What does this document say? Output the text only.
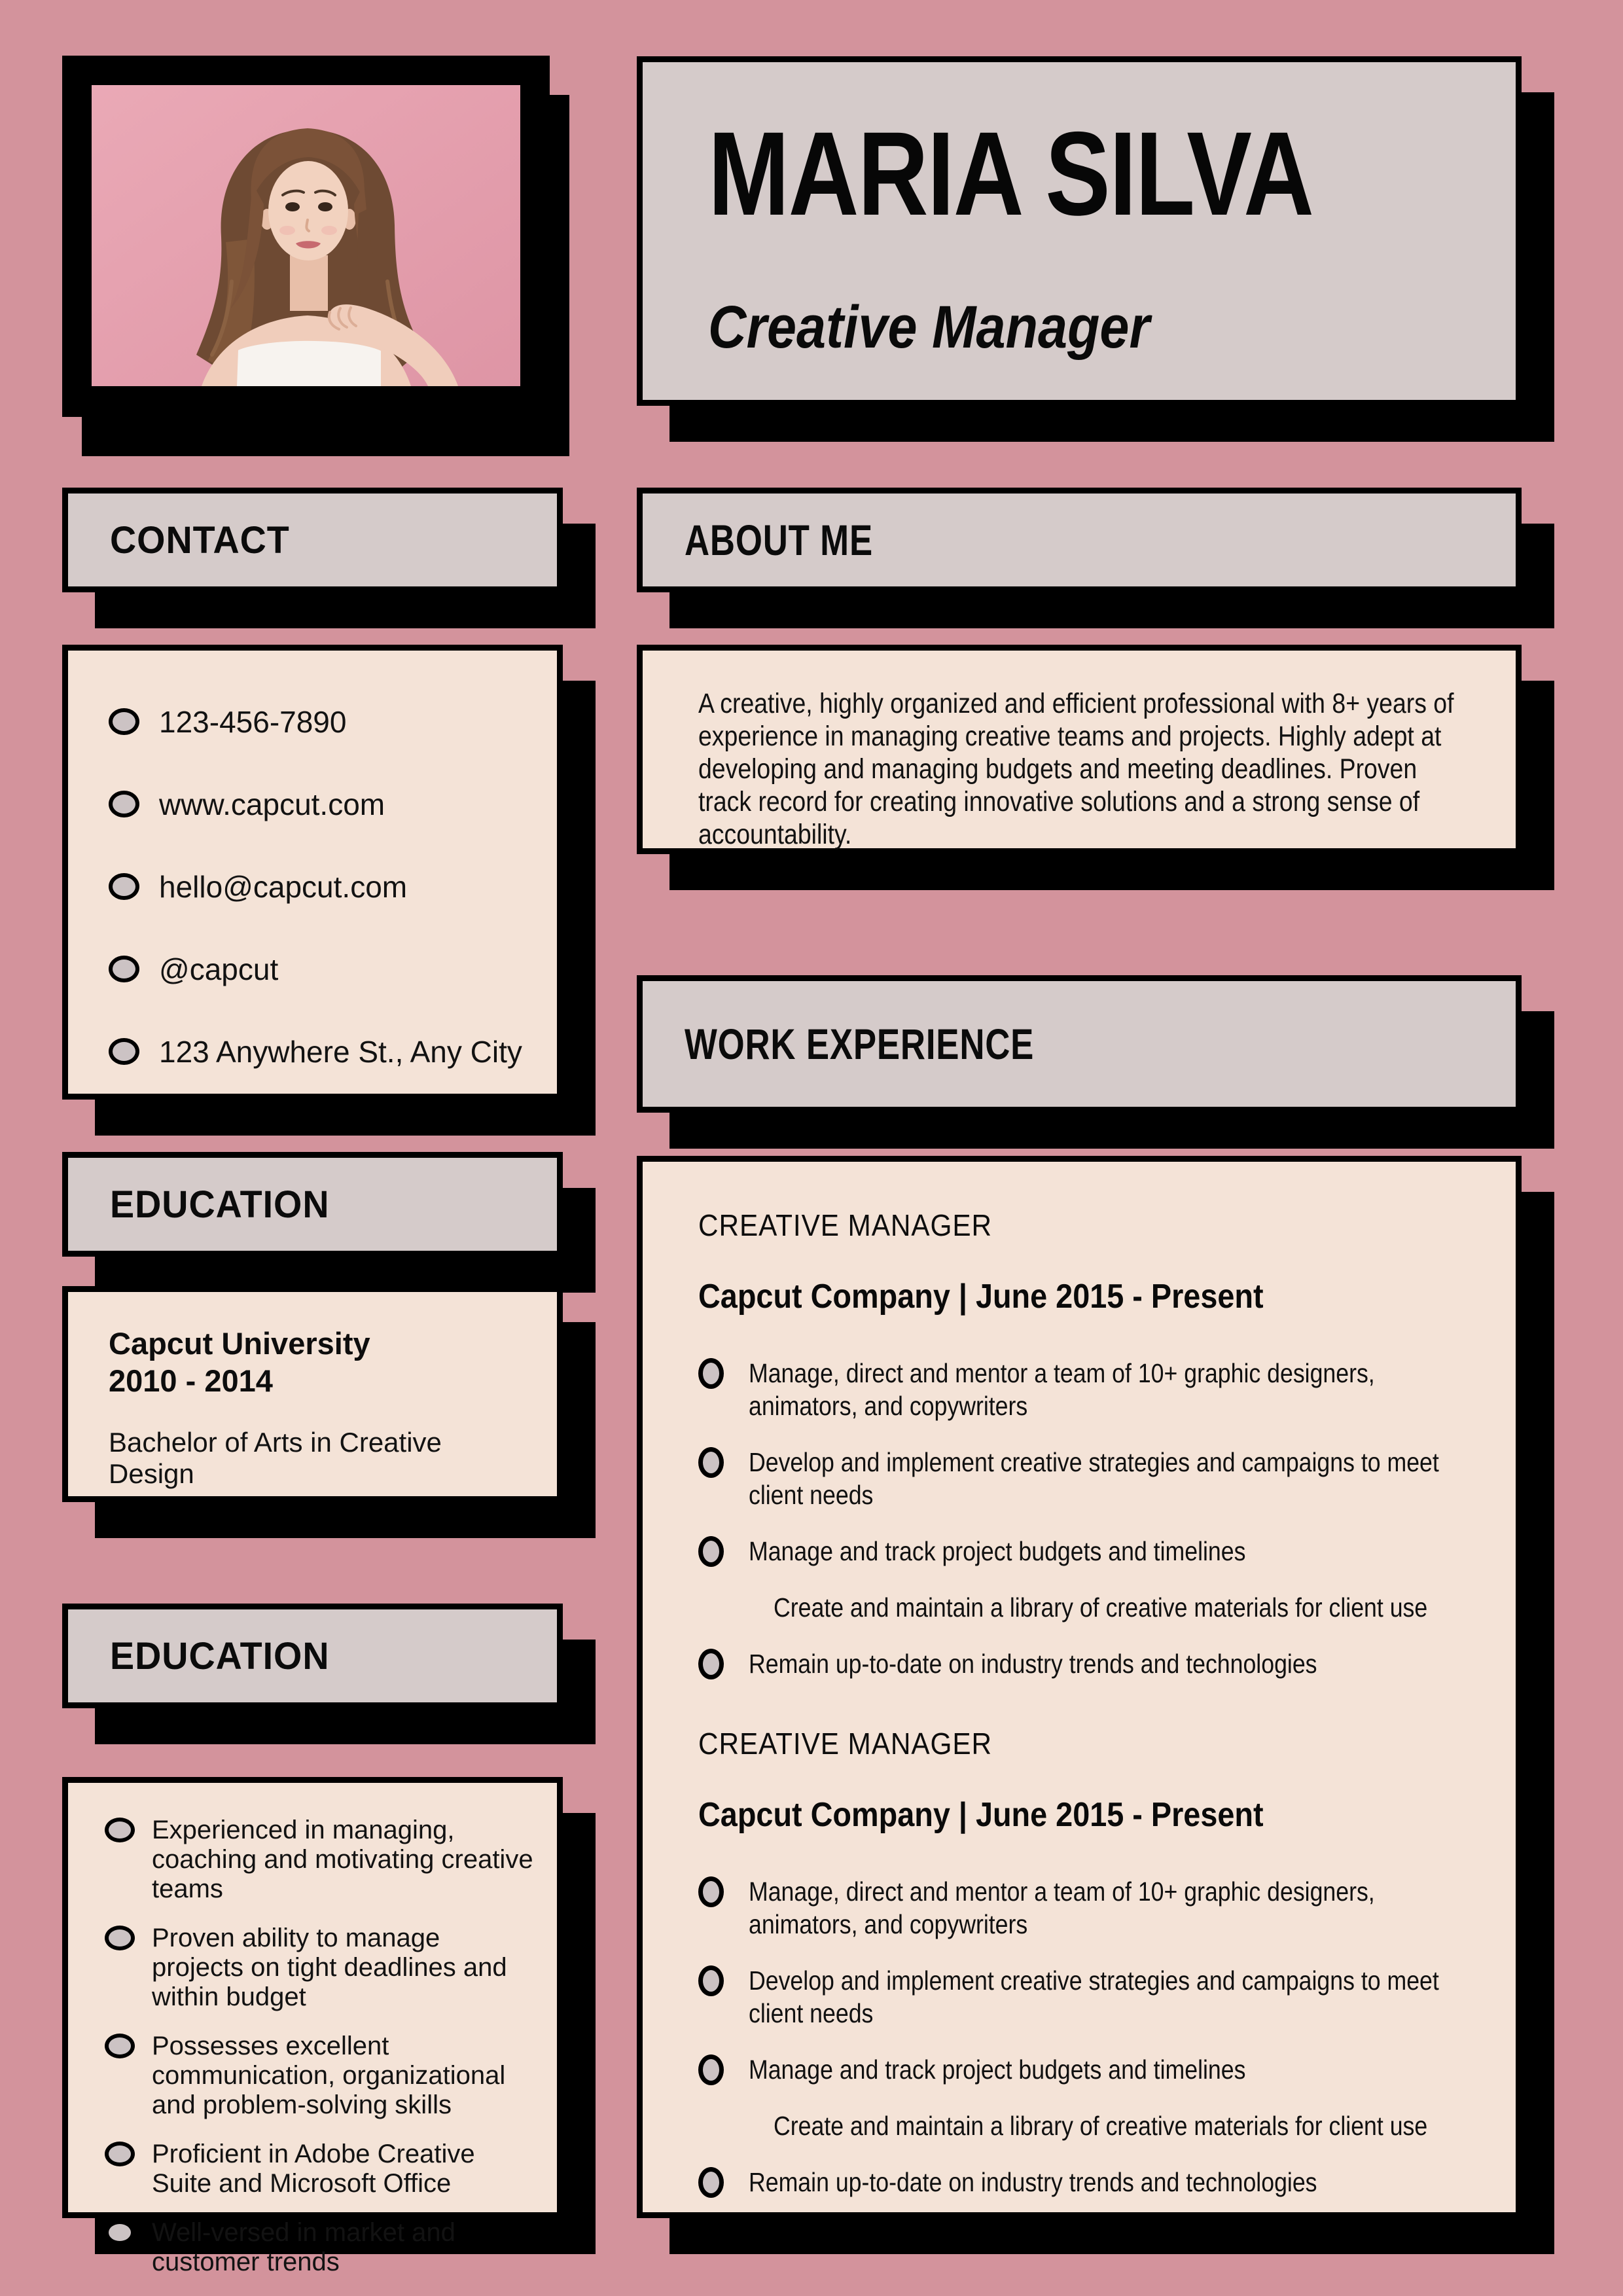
MARIA SILVA Creative Manager
CONTACT
123-456-7890
www.capcut.com
hello@capcut.com
@capcut
123 Anywhere St., Any City
ABOUT ME

A creative, highly organized and efficient professional with 8+ years of experience in managing creative teams and projects. Highly adept at developing and managing budgets and meeting deadlines. Proven track record for creating innovative solutions and a strong sense of accountability.

WORK EXPERIENCE
CREATIVE MANAGER Capcut Company | June 2015 - Present
Manage, direct and mentor a team of 10+ graphic designers, animators, and copywriters
Develop and implement creative strategies and campaigns to meet client needs
Manage and track project budgets and timelines
Create and maintain a library of creative materials for client use
Remain up-to-date on industry trends and technologies
CREATIVE MANAGER Capcut Company | June 2015 - Present
Manage, direct and mentor a team of 10+ graphic designers, animators, and copywriters
Develop and implement creative strategies and campaigns to meet client needs
Manage and track project budgets and timelines
Create and maintain a library of creative materials for client use
Remain up-to-date on industry trends and technologies
EDUCATION
Capcut University
2010 - 2014
Bachelor of Arts in Creative Design
EDUCATION
Experienced in managing, coaching and motivating creative teams
Proven ability to manage projects on tight deadlines and within budget
Possesses excellent communication, organizational and problem-solving skills
Proficient in Adobe Creative Suite and Microsoft Office
Well-versed in market and customer trends
